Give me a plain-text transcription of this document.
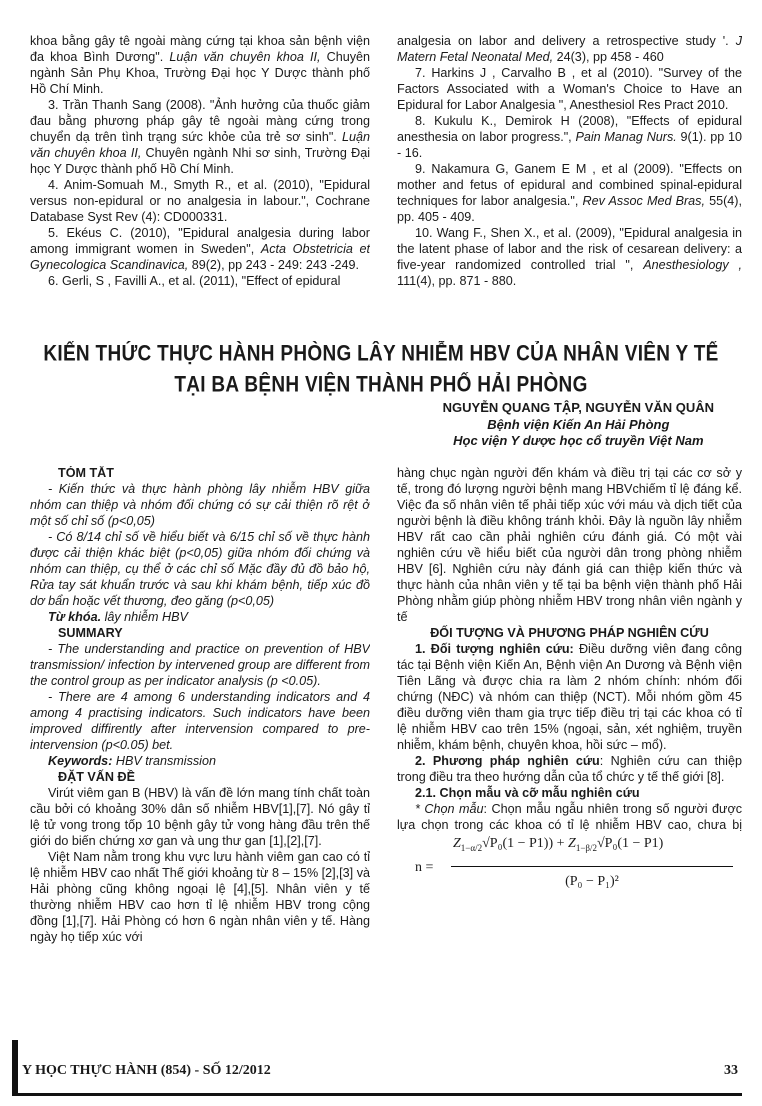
khoa bằng gây tê ngoài màng cứng tại khoa sản bệnh viện đa khoa Bình Dương". Luận văn chuyên khoa II, Chuyên ngành Sản Phụ Khoa, Trường Đại học Y Dược thành phố Hồ Chí Minh.

3. Trần Thanh Sang (2008). "Ảnh hưởng của thuốc giảm đau bằng phương pháp gây tê ngoài màng cứng trong chuyển dạ trên tình trạng sức khỏe của trẻ sơ sinh". Luận văn chuyên khoa II, Chuyên ngành Nhi sơ sinh, Trường Đại học Y Dược thành phố Hồ Chí Minh.

4. Anim-Somuah M., Smyth R., et al. (2010), "Epidural versus non-epidural or no analgesia in labour.", Cochrane Database Syst Rev (4): CD000331.

5. Ekéus C. (2010), "Epidural analgesia during labor among immigrant women in Sweden", Acta Obstetricia et Gynecologica Scandinavica, 89(2), pp 243 - 249: 243 -249.

6. Gerli, S , Favilli A., et al. (2011), "Effect of epidural

analgesia on labor and delivery a retrospective study '. J Matern Fetal Neonatal Med, 24(3), pp 458 - 460

7. Harkins J , Carvalho B , et al (2010). "Survey of the Factors Associated with a Woman's Choice to Have an Epidural for Labor Analgesia ", Anesthesiol Res Pract 2010.

8. Kukulu K., Demirok H (2008), "Effects of epidural anesthesia on labor progress.", Pain Manag Nurs. 9(1). pp 10 - 16.

9. Nakamura G, Ganem E M , et al (2009). "Effects on mother and fetus of epidural and combined spinal-epidural techniques for labor analgesia.", Rev Assoc Med Bras, 55(4), pp. 405 - 409.

10. Wang F., Shen X., et al. (2009), "Epidural analgesia in the latent phase of labor and the risk of cesarean delivery: a five-year randomized controlled trial ", Anesthesiology , 111(4), pp. 871 - 880.

KIẾN THỨC THỰC HÀNH PHÒNG LÂY NHIỄM HBV CỦA NHÂN VIÊN Y TẾ
TẠI BA BỆNH VIỆN THÀNH PHỐ HẢI PHÒNG
NGUYỄN QUANG TẬP, NGUYỄN VĂN QUÂN
Bệnh viện Kiến An Hải Phòng
Học viện Y dược học cổ truyền Việt Nam
TÓM TẮT

- Kiến thức và thực hành phòng lây nhiễm HBV giữa nhóm can thiệp và nhóm đối chứng có sự cải thiện rõ rệt ở một số chỉ số (p<0,05)

- Có 8/14 chỉ số về hiểu biết và 6/15 chỉ số về thực hành được cải thiện khác biệt (p<0,05) giữa nhóm đối chứng và nhóm can thiệp, cụ thể ở các chỉ số Mặc đầy đủ đồ bảo hộ, Rửa tay sát khuẩn trước và sau khi khám bệnh, tiếp xúc đồ dơ bẩn hoặc vết thương, đeo găng (p<0,05)

Từ khóa. lây nhiễm HBV

SUMMARY

- The understanding and practice on prevention of HBV transmission/ infection by intervened group are different from the control group as per indicator analysis (p <0.05).

- There are 4 among 6 understanding indicators and 4 among 4 practising indicators. Such indicators have been improved diffirently after intervension compared to pre- intervension (p<0.05) bet.

Keywords: HBV transmission

ĐẶT VẤN ĐỀ

Virút viêm gan B (HBV) là vấn đề lớn mang tính chất toàn cầu bởi có khoảng 30% dân số nhiễm HBV[1],[7]. Nó gây tỉ lệ tử vong trong tốp 10 bệnh gây tử vong hàng đầu trên thế giới do biến chứng xơ gan và ung thư gan [1],[2],[7].

Việt Nam nằm trong khu vực lưu hành viêm gan cao có tỉ lệ nhiễm HBV cao nhất Thế giới khoảng từ 8 – 15% [2],[3] và Hải phòng cũng không ngoại lệ [4],[5]. Nhân viên y tế thường nhiễm HBV cao hơn tỉ lệ nhiễm HBV trong cộng đồng [1],[7]. Hải Phòng có hơn 6 ngàn nhân viên y tế. Hàng ngày họ tiếp xúc với

hàng chục ngàn người đến khám và điều trị tại các cơ sở y tế, trong đó lượng người bệnh mang HBVchiếm tỉ lệ đáng kể. Việc đa số nhân viên tế phải tiếp xúc với máu và dịch tiết của người bệnh là điều không tránh khỏi. Đây là nguồn lây nhiễm HBV rất cao cần phải nghiên cứu đánh giá. Có một vài nghiên cứu về hiểu biết của người dân trong phòng nhiễm HBV [6]. Nghiên cứu này đánh giá can thiệp kiến thức và thực hành của nhân viên y tế tại ba bệnh viện thành phố Hải Phòng nhằm giúp phòng nhiễm HBV trong nhân viên ngành y tế

ĐỐI TƯỢNG VÀ PHƯƠNG PHÁP NGHIÊN CỨU

1. Đối tượng nghiên cứu: Điều dưỡng viên đang công tác tại Bệnh viện Kiến An, Bệnh viện An Dương và Bệnh viện Tiên Lãng và được chia ra làm 2 nhóm chính: nhóm đối chứng (NĐC) và nhóm can thiệp (NCT). Mỗi nhóm gồm 45 điều dưỡng viên tham gia trực tiếp điều trị tại các khoa có tỉ lệ nhiễm HBV cao trên 15% (ngoại, sản, xét nghiệm, truyền nhiễm, khám bệnh, chuyên khoa, hồi sức – mổ).

2. Phương pháp nghiên cứu: Nghiên cứu can thiệp trong điều tra theo hướng dẫn của tổ chức y tế thế giới [8].

2.1. Chọn mẫu và cỡ mẫu nghiên cứu

* Chọn mẫu: Chọn mẫu ngẫu nhiên trong số người được lựa chọn trong các khoa có tỉ lệ nhiễm HBV cao, chưa bị

n =
$Z_{1-\alpha/2}√P_0(1 - P1)) + Z_{1-\beta/2}√P_0(1 - P1)$
(P₀ − P₁)²
Y HỌC THỰC HÀNH (854) - SỐ 12/2012	33
